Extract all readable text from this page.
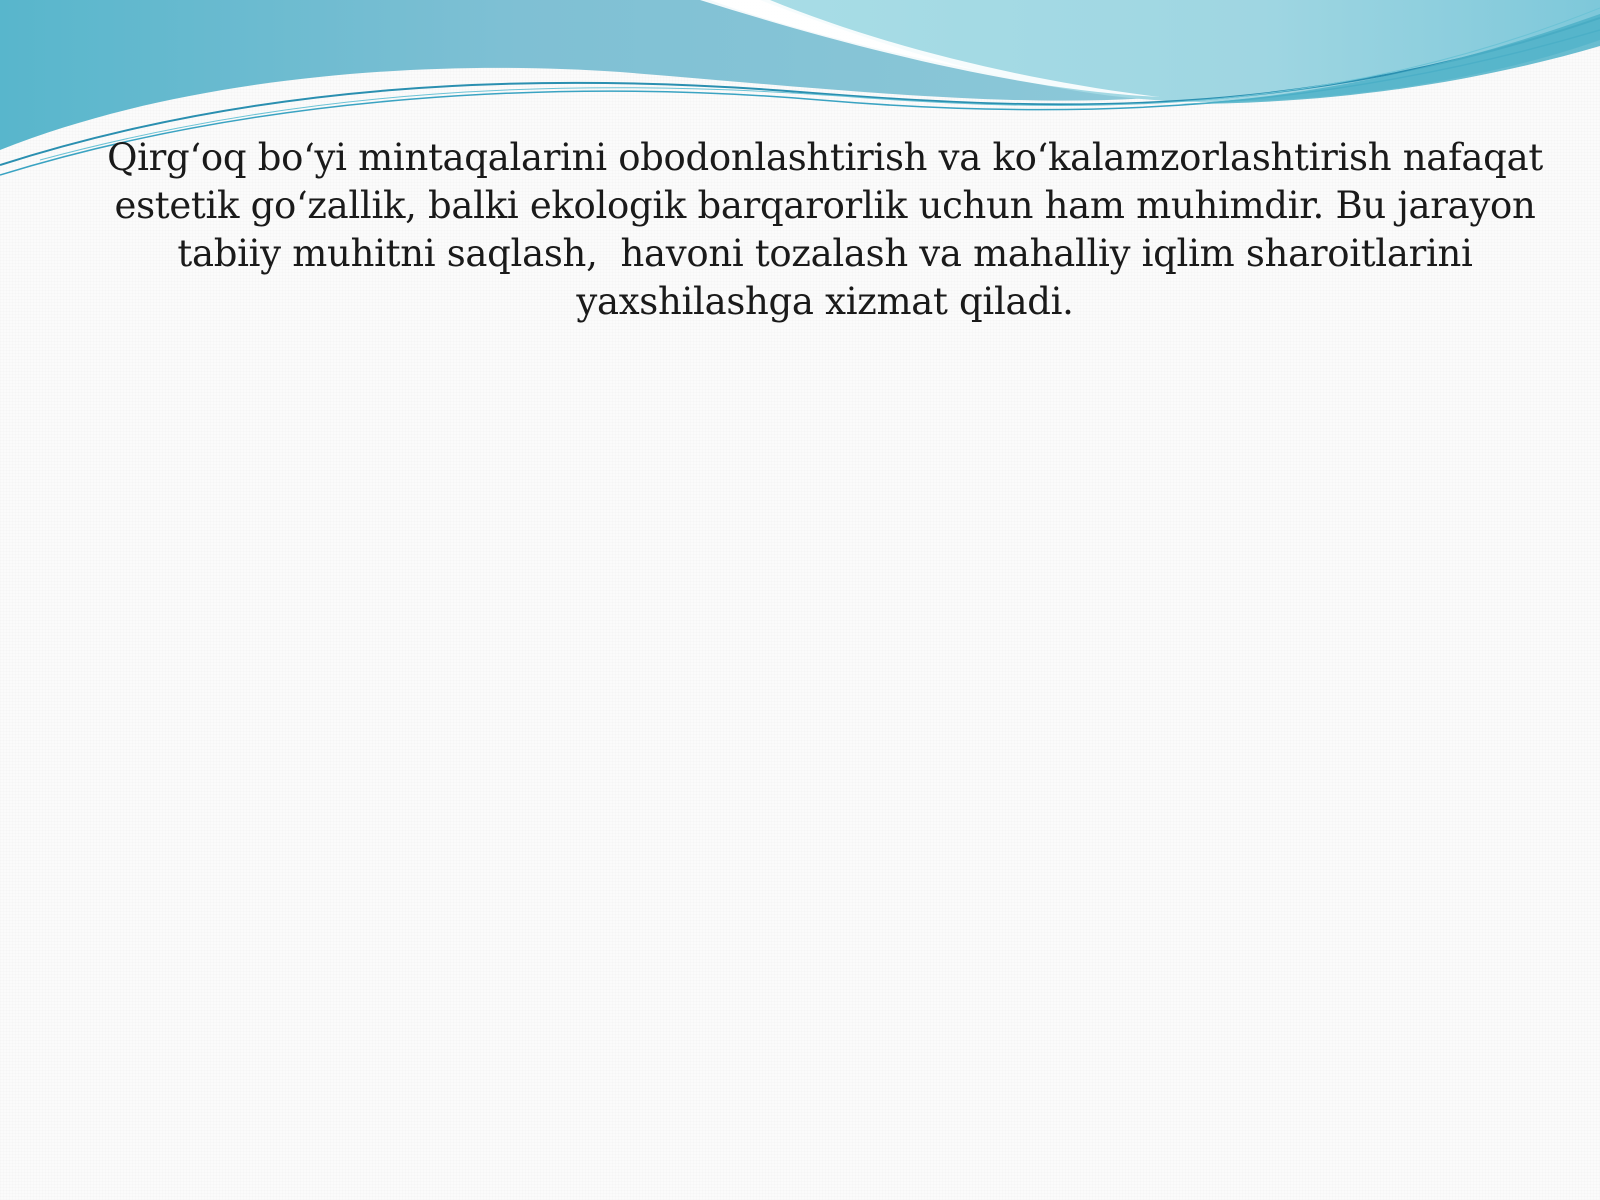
Qirg‘oq bo‘yi mintaqalarini obodonlashtirish va ko‘kalamzorlashtirish nafaqat estetik go‘zallik, balki ekologik barqarorlik uchun ham muhimdir. Bu jarayon tabiiy muhitni saqlash,  havoni tozalash va mahalliy iqlim sharoitlarini yaxshilashga xizmat qiladi.
